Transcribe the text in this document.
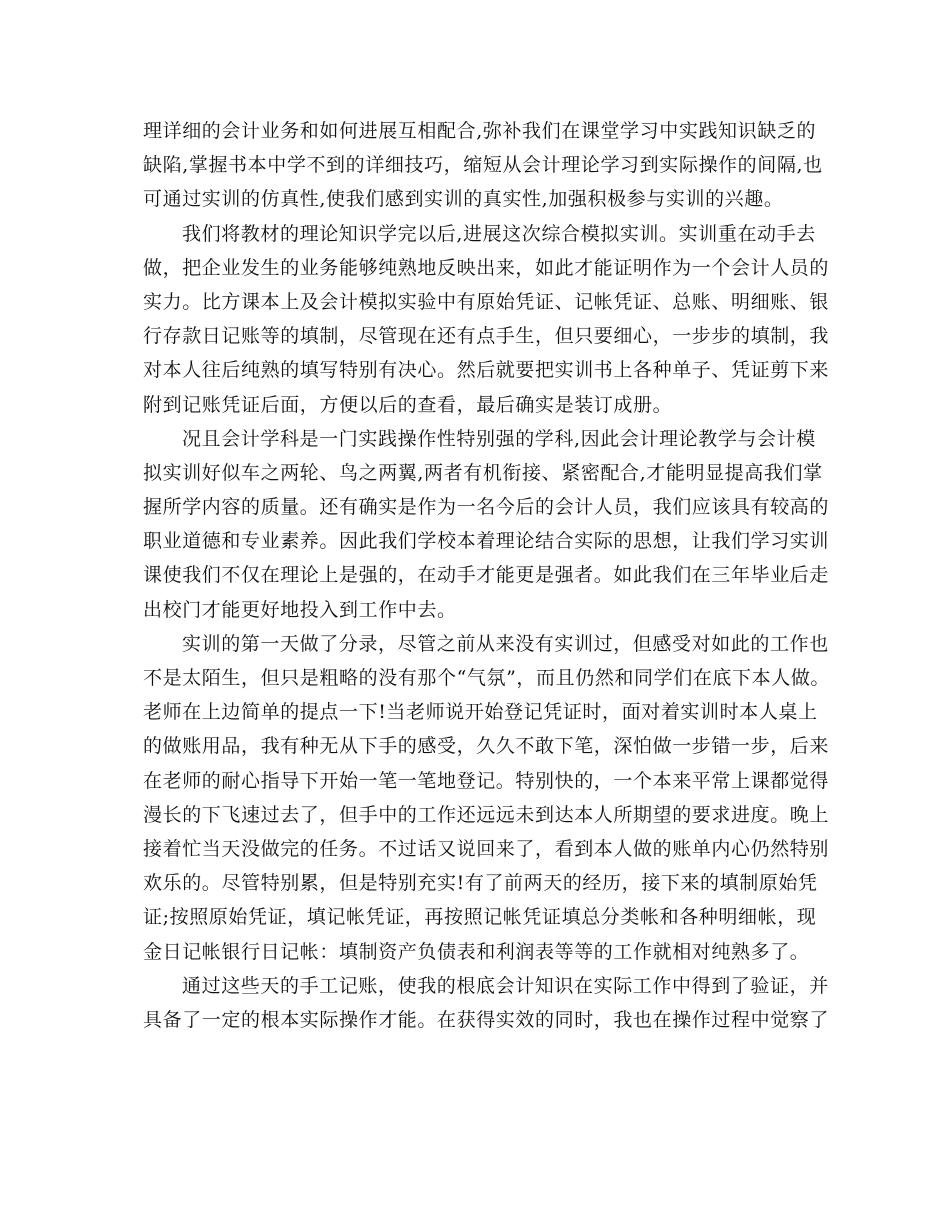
理详细的会计业务和如何进展互相配合,弥补我们在课堂学习中实践知识缺乏的
缺陷,掌握书本中学不到的详细技巧，缩短从会计理论学习到实际操作的间隔,也
可通过实训的仿真性,使我们感到实训的真实性,加强积极参与实训的兴趣。
我们将教材的理论知识学完以后,进展这次综合模拟实训。实训重在动手去
做，把企业发生的业务能够纯熟地反映出来，如此才能证明作为一个会计人员的
实力。比方课本上及会计模拟实验中有原始凭证、记帐凭证、总账、明细账、银
行存款日记账等的填制，尽管现在还有点手生，但只要细心，一步步的填制，我
对本人往后纯熟的填写特别有决心。然后就要把实训书上各种单子、凭证剪下来
附到记账凭证后面，方便以后的查看，最后确实是装订成册。
况且会计学科是一门实践操作性特别强的学科,因此会计理论教学与会计模
拟实训好似车之两轮、鸟之两翼,两者有机衔接、紧密配合,才能明显提高我们掌
握所学内容的质量。还有确实是作为一名今后的会计人员，我们应该具有较高的
职业道德和专业素养。因此我们学校本着理论结合实际的思想，让我们学习实训
课使我们不仅在理论上是强的，在动手才能更是强者。如此我们在三年毕业后走
出校门才能更好地投入到工作中去。
实训的第一天做了分录，尽管之前从来没有实训过，但感受对如此的工作也
不是太陌生，但只是粗略的没有那个“气氛”，而且仍然和同学们在底下本人做。
老师在上边简单的提点一下!当老师说开始登记凭证时，面对着实训时本人桌上
的做账用品，我有种无从下手的感受，久久不敢下笔，深怕做一步错一步，后来
在老师的耐心指导下开始一笔一笔地登记。特别快的，一个本来平常上课都觉得
漫长的下飞速过去了，但手中的工作还远远未到达本人所期望的要求进度。晚上
接着忙当天没做完的任务。不过话又说回来了，看到本人做的账单内心仍然特别
欢乐的。尽管特别累，但是特别充实!有了前两天的经历，接下来的填制原始凭
证;按照原始凭证，填记帐凭证，再按照记帐凭证填总分类帐和各种明细帐，现
金日记帐银行日记帐：填制资产负债表和利润表等等的工作就相对纯熟多了。
通过这些天的手工记账，使我的根底会计知识在实际工作中得到了验证，并
具备了一定的根本实际操作才能。在获得实效的同时，我也在操作过程中觉察了
